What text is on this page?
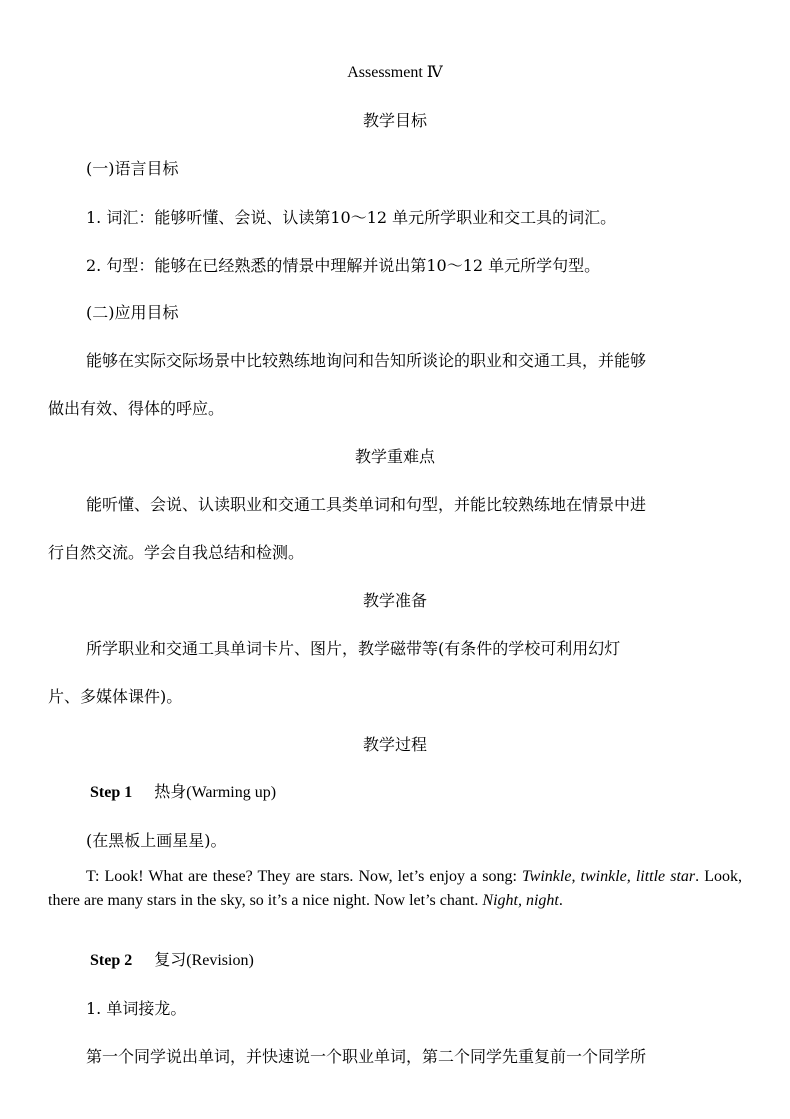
Assessment Ⅳ
教学目标
(一)语言目标
1. 词汇：能够听懂、会说、认读第10～12 单元所学职业和交工具的词汇。
2. 句型：能够在已经熟悉的情景中理解并说出第10～12 单元所学句型。
(二)应用目标
能够在实际交际场景中比较熟练地询问和告知所谈论的职业和交通工具，并能够
做出有效、得体的呼应。
教学重难点
能听懂、会说、认读职业和交通工具类单词和句型，并能比较熟练地在情景中进
行自然交流。学会自我总结和检测。
教学准备
所学职业和交通工具单词卡片、图片，教学磁带等(有条件的学校可利用幻灯
片、多媒体课件)。
教学过程
Step 1 热身(Warming up)
(在黑板上画星星)。
T: Look! What are these? They are stars. Now, let’s enjoy a song: Twinkle, twinkle, little star. Look, there are many stars in the sky, so it’s a nice night. Now let’s chant. Night, night.
Step 2 复习(Revision)
1. 单词接龙。
第一个同学说出单词，并快速说一个职业单词，第二个同学先重复前一个同学所
